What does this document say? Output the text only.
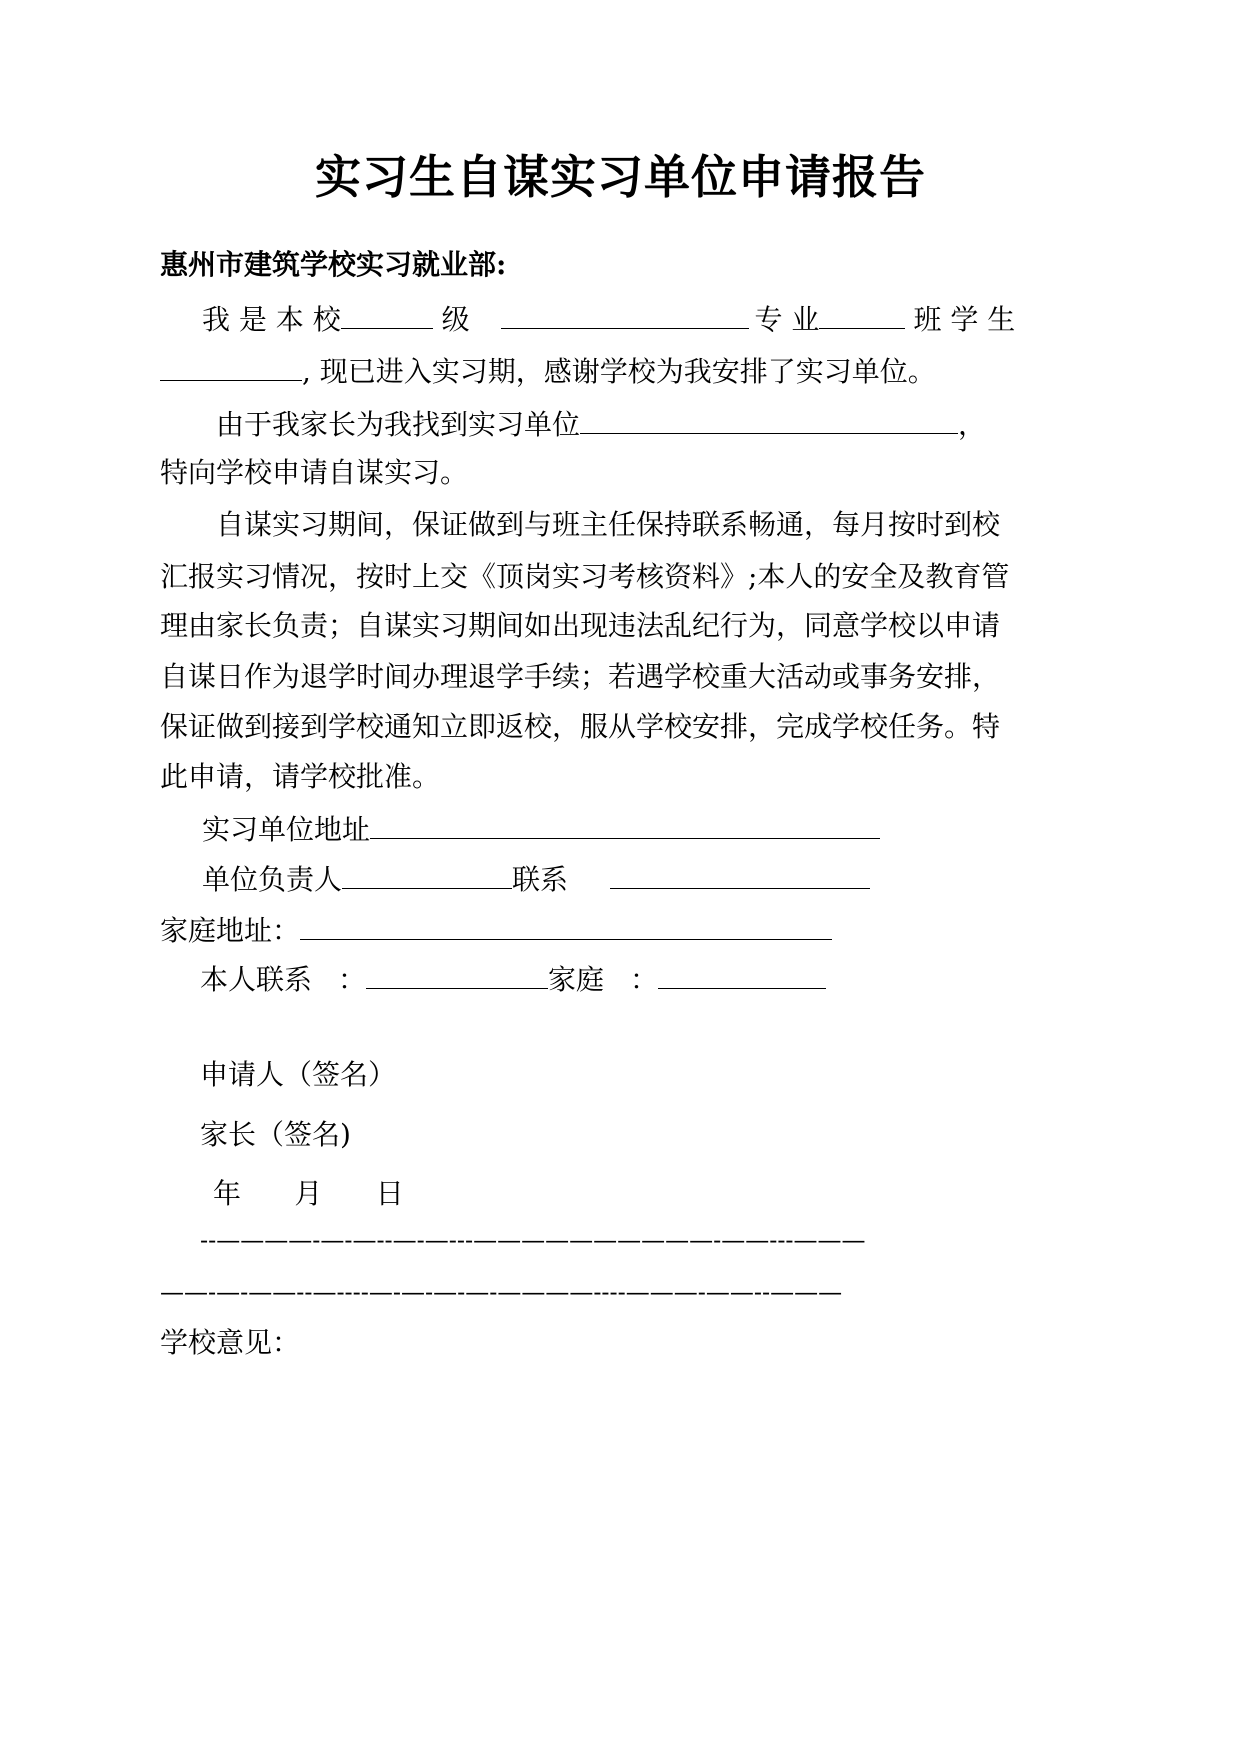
实习生自谋实习单位申请报告
惠州市建筑学校实习就业部:
我 是 本 校	级	专 业	班 学 生
, 现已进入实习期，感谢学校为我安排了实习单位。
由于我家长为我找到实习单位	，
特向学校申请自谋实习。
自谋实习期间，保证做到与班主任保持联系畅通，每月按时到校
汇报实习情况，按时上交《顶岗实习考核资料》;本人的安全及教育管
理由家长负责；自谋实习期间如出现违法乱纪行为，同意学校以申请
自谋日作为退学时间办理退学手续；若遇学校重大活动或事务安排，
保证做到接到学校通知立即返校，服从学校安排，完成学校任务。特
此申请，请学校批准。
实习单位地址
单位负责人	联系
家庭地址：
本人联系 ：	家庭 ：
申请人（签名）
家长（签名)
年      月      日
--————-—-—--—-—---——————————-——---———
——-—-——--—----—-—-—-—-————----———-——--———
学校意见：
